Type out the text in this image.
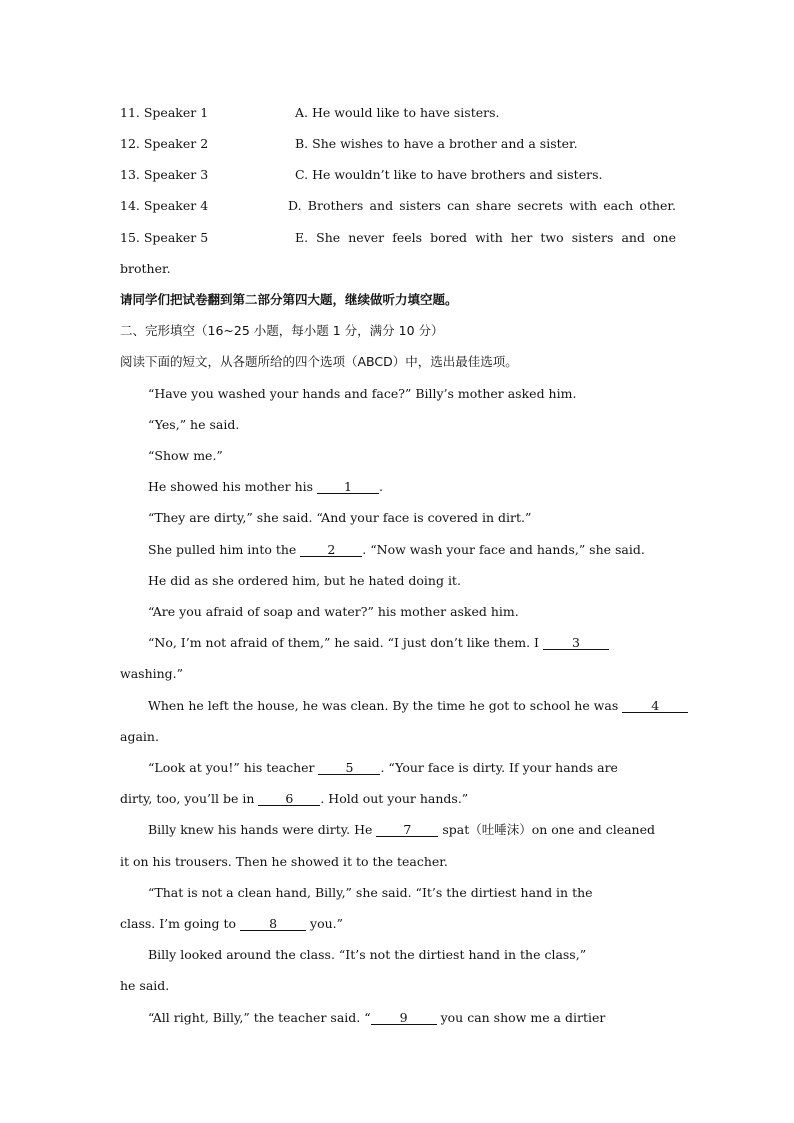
11. Speaker 1	A. He would like to have sisters.
12. Speaker 2	B. She wishes to have a brother and a sister.
13. Speaker 3	C. He wouldn’t like to have brothers and sisters.
14. Speaker 4	D. Brothers and sisters can share secrets with each other.
15. Speaker 5	E. She never feels bored with her two sisters and one
brother.
请同学们把试卷翻到第二部分第四大题，继续做听力填空题。
二、完形填空（16~25 小题，每小题 1 分，满分 10 分）
阅读下面的短文，从各题所给的四个选项（ABCD）中，选出最佳选项。
“Have you washed your hands and face?” Billy’s mother asked him.
“Yes,” he said.
“Show me.”
He showed his mother his 1 .
“They are dirty,” she said. “And your face is covered in dirt.”
She pulled him into the 2 . “Now wash your face and hands,” she said.
He did as she ordered him, but he hated doing it.
“Are you afraid of soap and water?” his mother asked him.
“No, I’m not afraid of them,” he said. “I just don’t like them. I 3
washing.”
When he left the house, he was clean. By the time he got to school he was 4
again.
“Look at you!” his teacher 5 . “Your face is dirty. If your hands are
dirty, too, you’ll be in 6 . Hold out your hands.”
Billy knew his hands were dirty. He 7 spat（吐唾沫）on one and cleaned
it on his trousers. Then he showed it to the teacher.
“That is not a clean hand, Billy,” she said. “It’s the dirtiest hand in the
class. I’m going to 8 you.”
Billy looked around the class. “It’s not the dirtiest hand in the class,”
he said.
“All right, Billy,” the teacher said. “ 9 you can show me a dirtier
